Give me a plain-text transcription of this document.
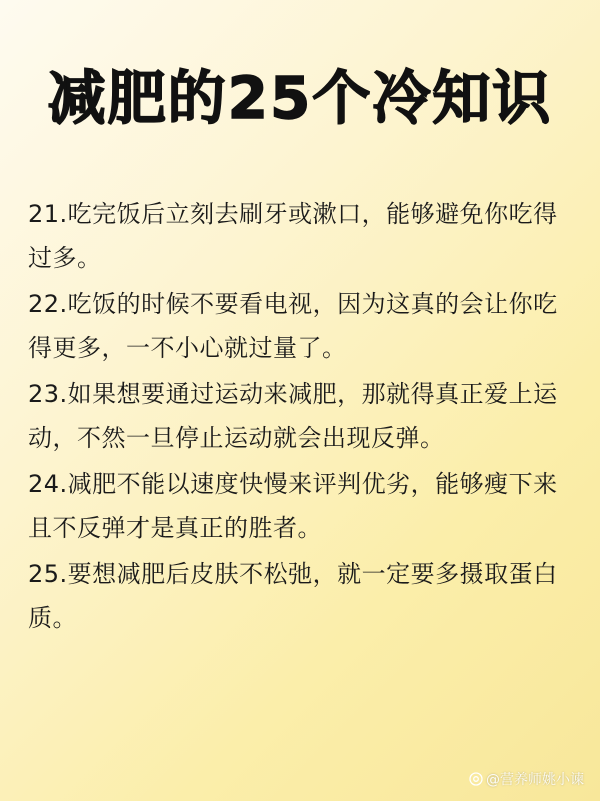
减肥的25个冷知识

21.吃完饭后立刻去刷牙或漱口，能够避免你吃得过多。

22.吃饭的时候不要看电视，因为这真的会让你吃得更多，一不小心就过量了。

23.如果想要通过运动来减肥，那就得真正爱上运动，不然一旦停止运动就会出现反弹。

24.减肥不能以速度快慢来评判优劣，能够瘦下来且不反弹才是真正的胜者。

25.要想减肥后皮肤不松弛，就一定要多摄取蛋白质。

@营养师姚小谏
